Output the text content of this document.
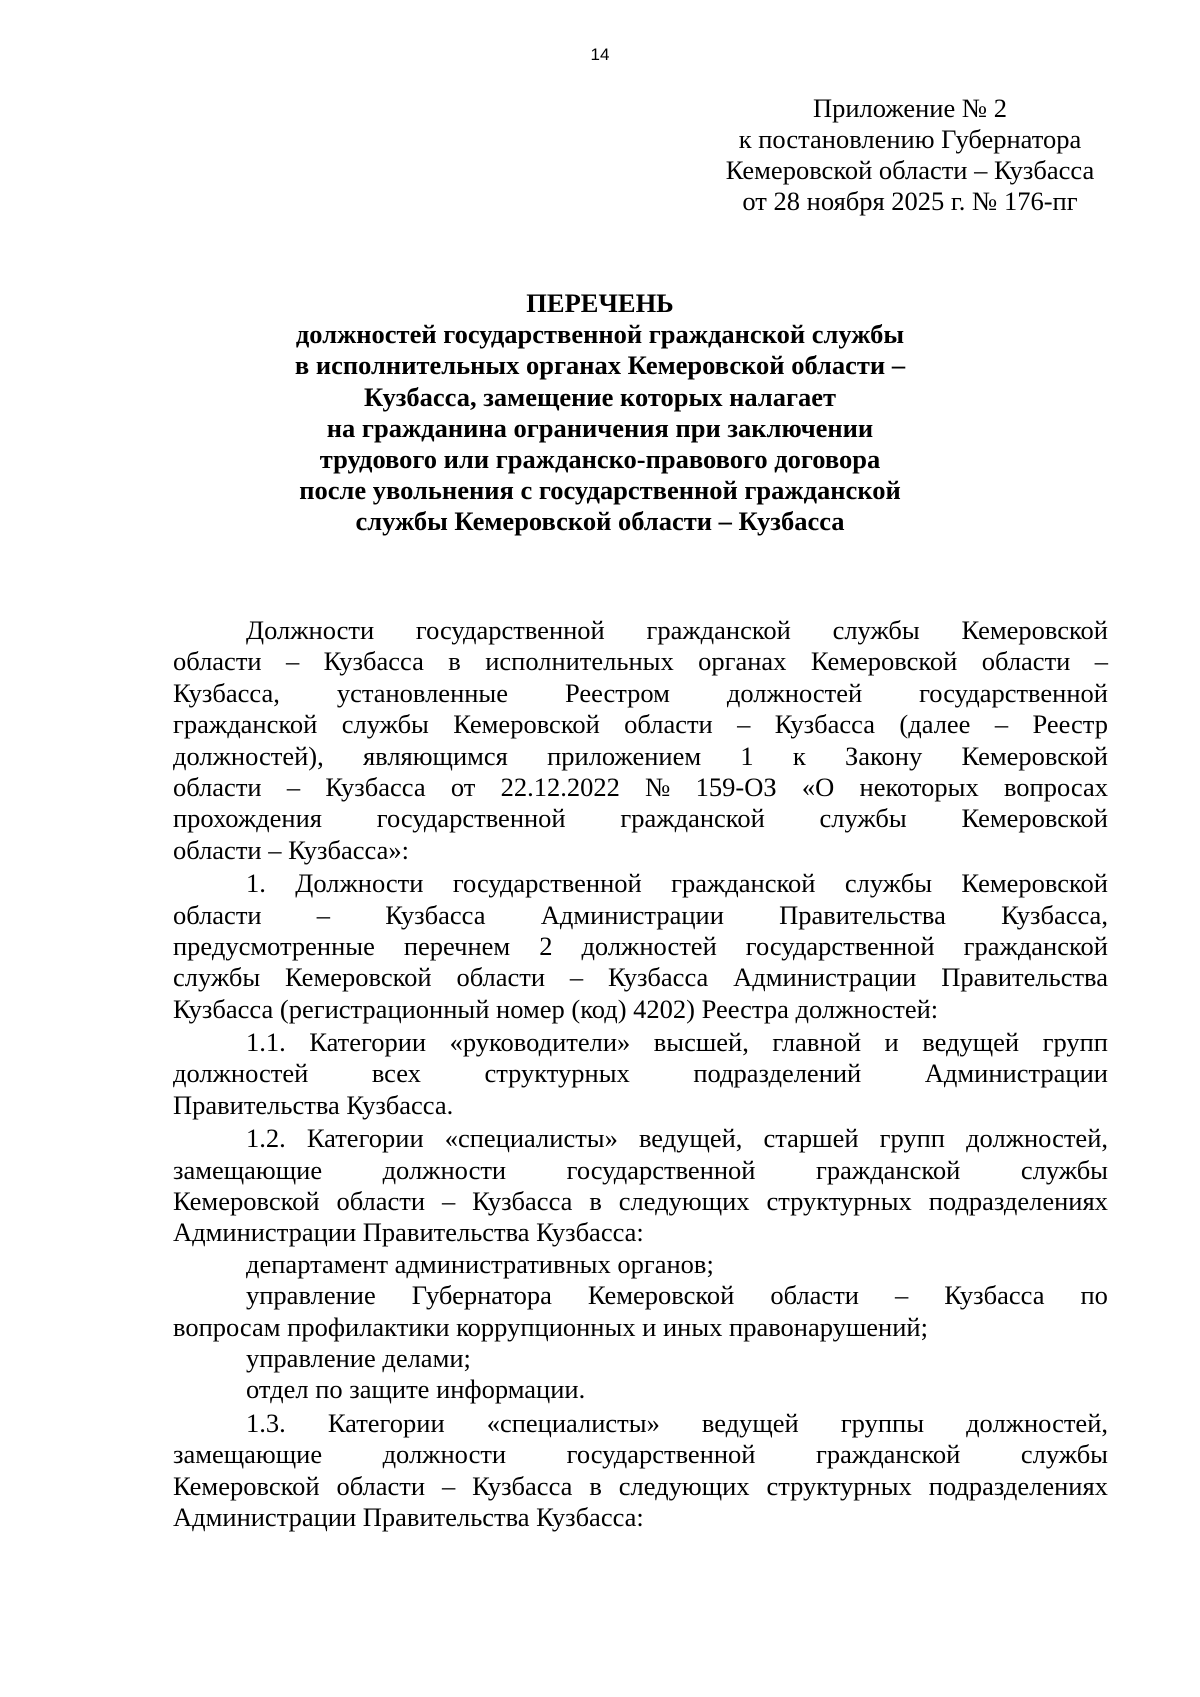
14
Приложение № 2
к постановлению Губернатора
Кемеровской области – Кузбасса
от 28 ноября 2025 г. № 176-пг
ПЕРЕЧЕНЬ
должностей государственной гражданской службы
в исполнительных органах Кемеровской области –
Кузбасса, замещение которых налагает
на гражданина ограничения при заключении
трудового или гражданско-правового договора
после увольнения с государственной гражданской
службы Кемеровской области – Кузбасса
Должности государственной гражданской службы Кемеровской
области – Кузбасса в исполнительных органах Кемеровской области –
Кузбасса, установленные Реестром должностей государственной
гражданской службы Кемеровской области – Кузбасса (далее – Реестр
должностей), являющимся приложением 1 к Закону Кемеровской
области – Кузбасса от 22.12.2022 № 159-ОЗ «О некоторых вопросах
прохождения государственной гражданской службы Кемеровской
области – Кузбасса»:
1. Должности государственной гражданской службы Кемеровской
области – Кузбасса Администрации Правительства Кузбасса,
предусмотренные перечнем 2 должностей государственной гражданской
службы Кемеровской области – Кузбасса Администрации Правительства
Кузбасса (регистрационный номер (код) 4202) Реестра должностей:
1.1. Категории «руководители» высшей, главной и ведущей групп
должностей всех структурных подразделений Администрации
Правительства Кузбасса.
1.2. Категории «специалисты» ведущей, старшей групп должностей,
замещающие должности государственной гражданской службы
Кемеровской области – Кузбасса в следующих структурных подразделениях
Администрации Правительства Кузбасса:
департамент административных органов;
управление Губернатора Кемеровской области – Кузбасса по
вопросам профилактики коррупционных и иных правонарушений;
управление делами;
отдел по защите информации.
1.3. Категории «специалисты» ведущей группы должностей,
замещающие должности государственной гражданской службы
Кемеровской области – Кузбасса в следующих структурных подразделениях
Администрации Правительства Кузбасса:
